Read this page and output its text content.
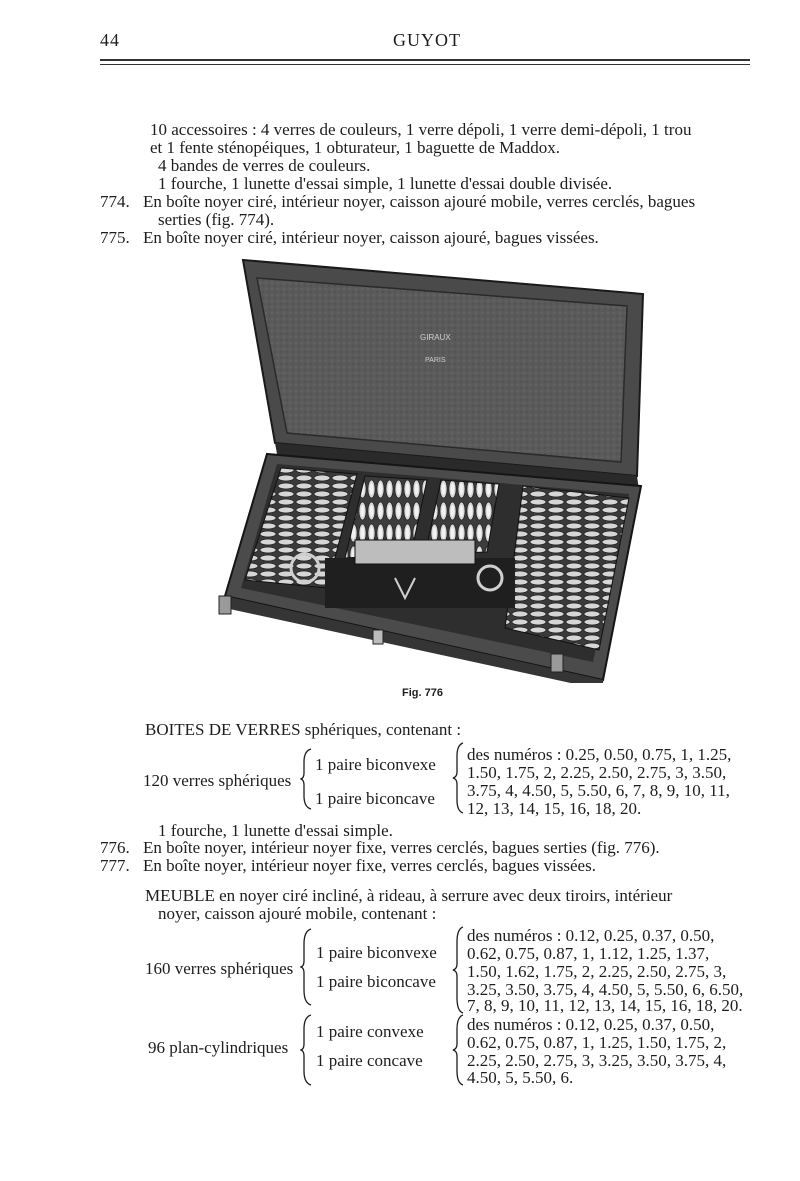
44	GUYOT
10 accessoires : 4 verres de couleurs, 1 verre dépoli, 1 verre demi-dépoli, 1 trou
et 1 fente sténopéiques, 1 obturateur, 1 baguette de Maddox.
4 bandes de verres de couleurs.
1 fourche, 1 lunette d'essai simple, 1 lunette d'essai double divisée.
774. En boîte noyer ciré, intérieur noyer, caisson ajouré mobile, verres cerclés, bagues
serties (fig. 774).
775. En boîte noyer ciré, intérieur noyer, caisson ajouré, bagues vissées.
GIRAUX
PARIS
Fig. 776
BOITES DE VERRES sphériques, contenant :
120 verres sphériques
1 paire biconvexe
1 paire biconcave
des numéros : 0.25, 0.50, 0.75, 1, 1.25,
1.50, 1.75, 2, 2.25, 2.50, 2.75, 3, 3.50,
3.75, 4, 4.50, 5, 5.50, 6, 7, 8, 9, 10, 11,
12, 13, 14, 15, 16, 18, 20.
1 fourche, 1 lunette d'essai simple.
776. En boîte noyer, intérieur noyer fixe, verres cerclés, bagues serties (fig. 776).
777. En boîte noyer, intérieur noyer fixe, verres cerclés, bagues vissées.
MEUBLE en noyer ciré incliné, à rideau, à serrure avec deux tiroirs, intérieur
noyer, caisson ajouré mobile, contenant :
160 verres sphériques
1 paire biconvexe
1 paire biconcave
des numéros : 0.12, 0.25, 0.37, 0.50,
0.62, 0.75, 0.87, 1, 1.12, 1.25, 1.37,
1.50, 1.62, 1.75, 2, 2.25, 2.50, 2.75, 3,
3.25, 3.50, 3.75, 4, 4.50, 5, 5.50, 6, 6.50,
7, 8, 9, 10, 11, 12, 13, 14, 15, 16, 18, 20.
96 plan-cylindriques
1 paire convexe
1 paire concave
des numéros : 0.12, 0.25, 0.37, 0.50,
0.62, 0.75, 0.87, 1, 1.25, 1.50, 1.75, 2,
2.25, 2.50, 2.75, 3, 3.25, 3.50, 3.75, 4,
4.50, 5, 5.50, 6.
